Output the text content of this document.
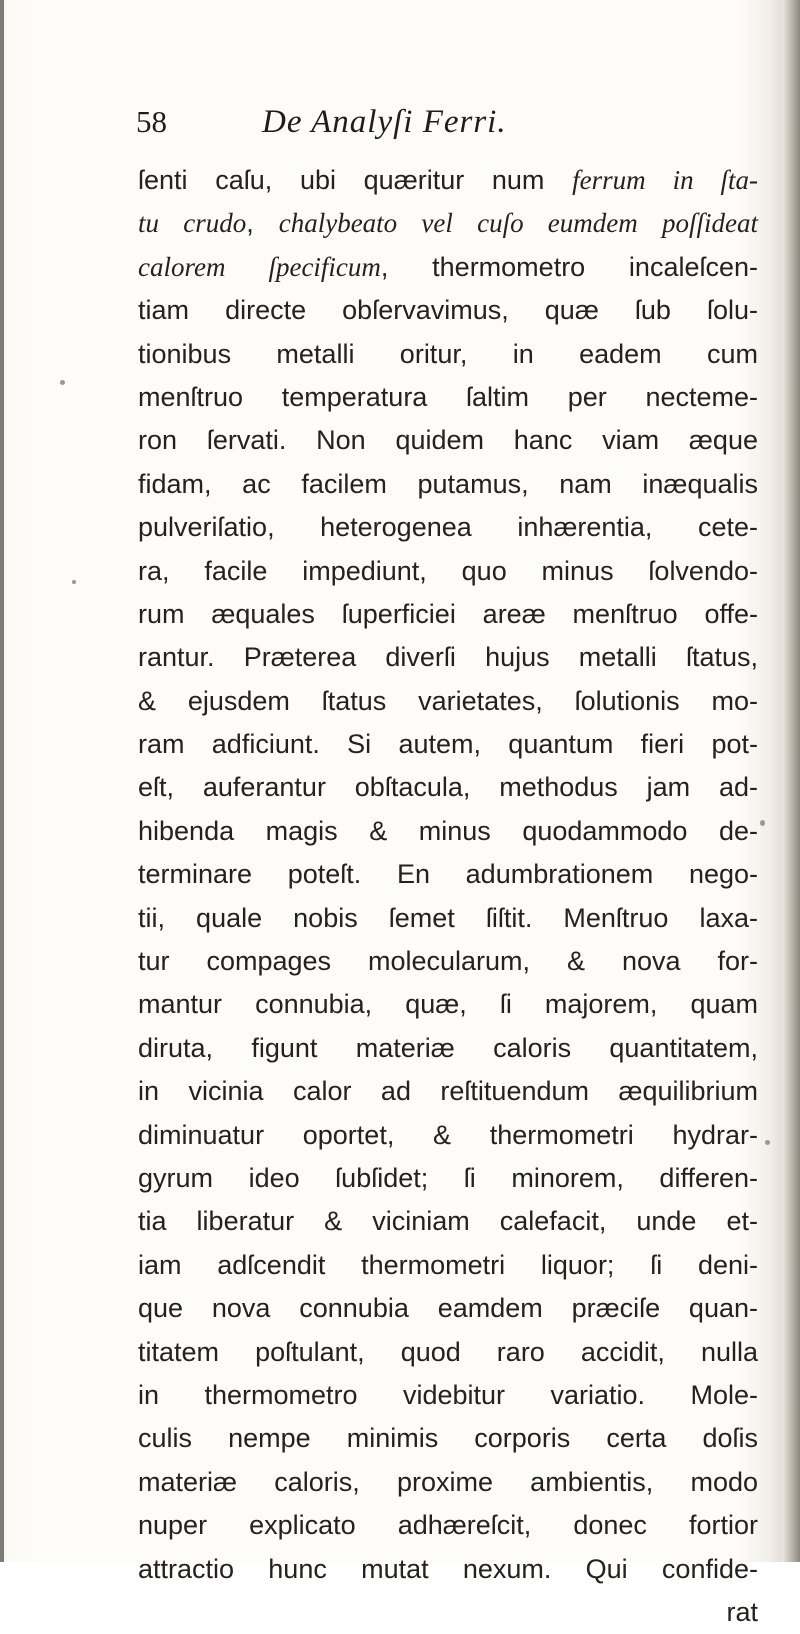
58	De Analyſi Ferri.
ſenti caſu, ubi quæritur num ferrum in ſta-
tu crudo, chalybeato vel cuſo eumdem poſſideat
calorem ſpecificum, thermometro incaleſcen-
tiam directe obſervavimus, quæ ſub ſolu-
tionibus metalli oritur, in eadem cum
menſtruo temperatura ſaltim per nectemе-
ron ſervati. Non quidem hanc viam æque
fidam, ac facilem putamus, nam inæqualis
pulveriſatio, heterogenea inhærentia, cete-
ra, facile impediunt, quo minus ſolvendo-
rum æquales ſuperficiei areæ menſtruo offe-
rantur. Præterea diverſi hujus metalli ſtatus,
& ejusdem ſtatus varietates, ſolutionis mo-
ram adficiunt. Si autem, quantum fieri pot-
eſt, auferantur obſtacula, methodus jam ad-
hibenda magis & minus quodammodo de-
terminare poteſt. En adumbrationem nego-
tii, quale nobis ſemet ſiſtit. Menſtruo laxa-
tur compages molecularum, & nova for-
mantur connubia, quæ, ſi majorem, quam
diruta, figunt materiæ caloris quantitatem,
in vicinia calor ad reſtituendum æquilibrium
diminuatur oportet, & thermometri hydrar-
gyrum ideo ſubſidet; ſi minorem, differen-
tia liberatur & viciniam calefacit, unde et-
iam adſcendit thermometri liquor; ſi deni-
que nova connubia eamdem præciſe quan-
titatem poſtulant, quod raro accidit, nulla
in thermometro videbitur variatio. Mole-
culis nempe minimis corporis certa doſis
materiæ caloris, proxime ambientis, modo
nuper explicato adhæreſcit, donec fortior
attractio hunc mutat nexum. Qui confide-
rat
